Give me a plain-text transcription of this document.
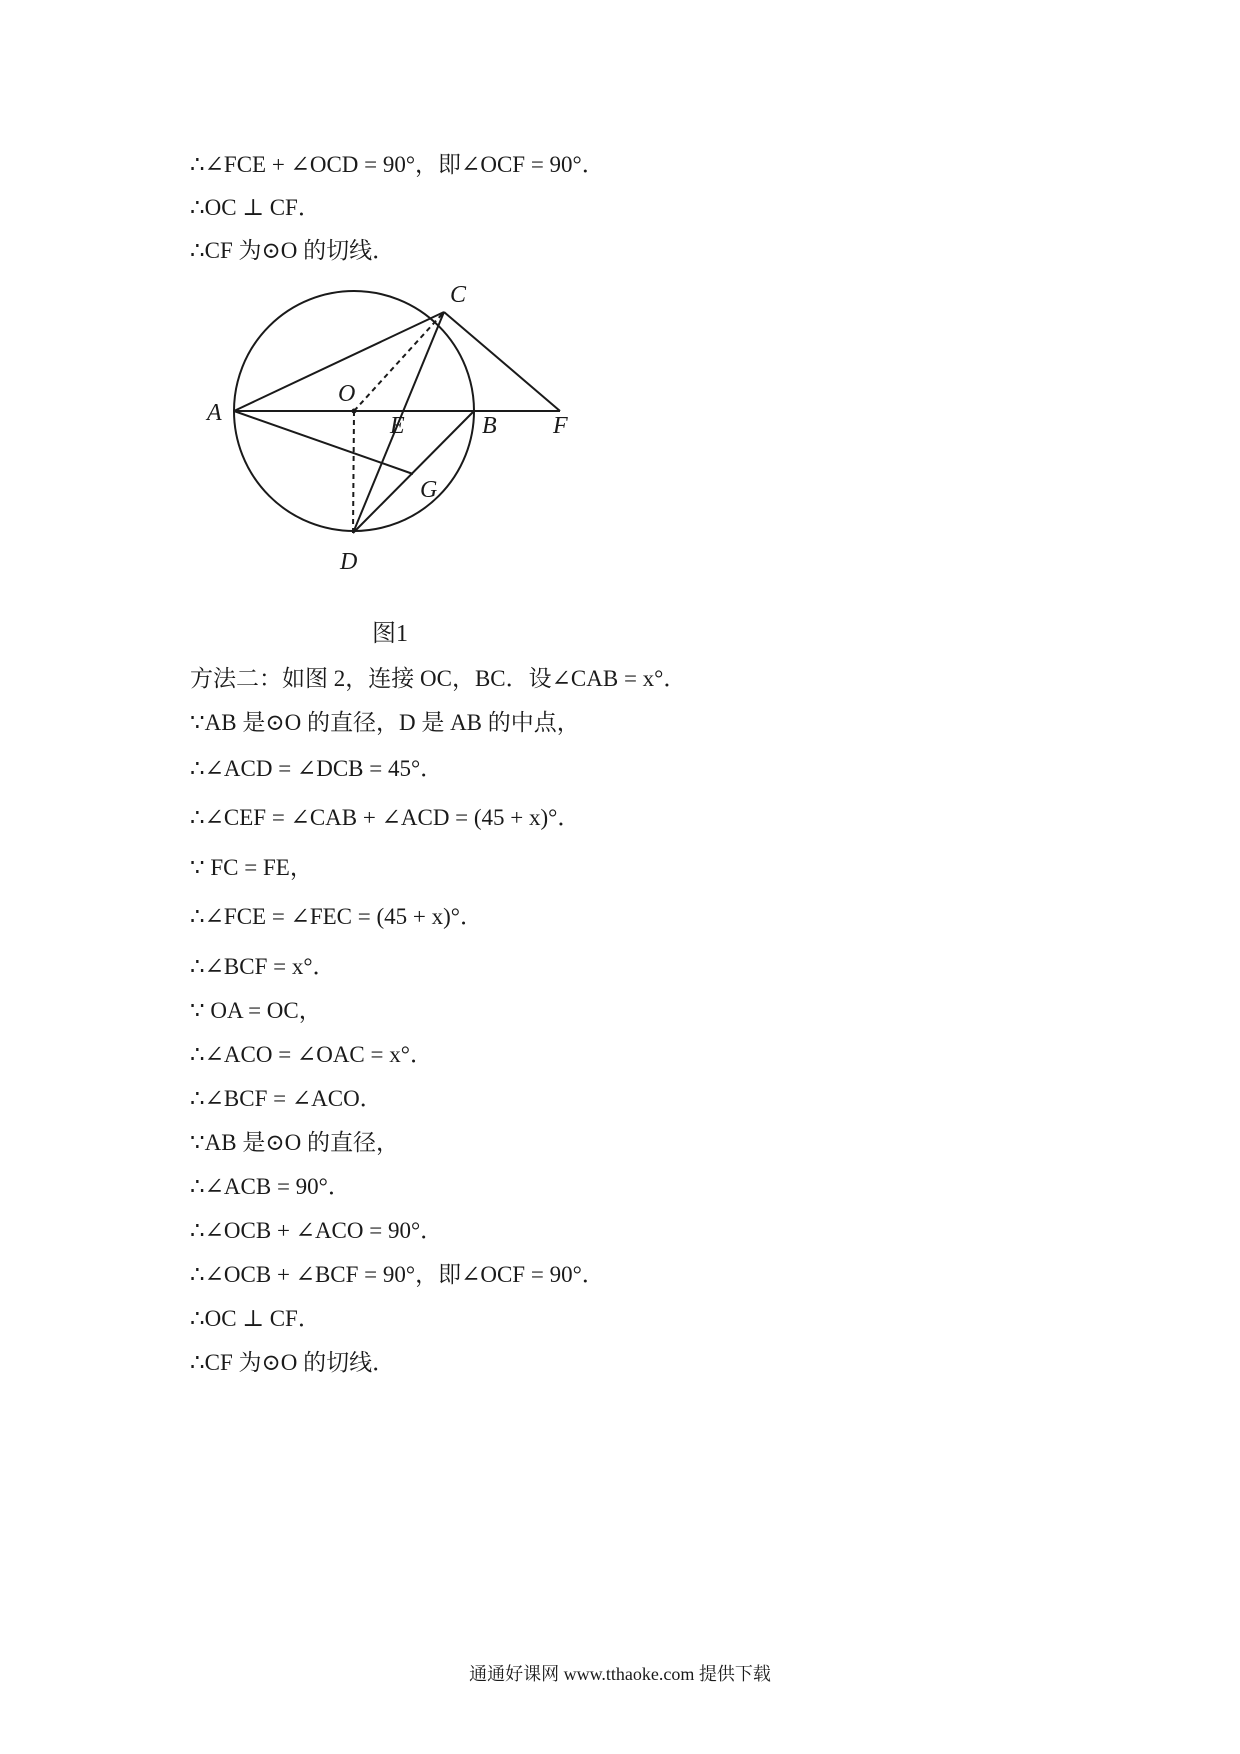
∴∠FCE + ∠OCD = 90°，即∠OCF = 90°．
∴OC ⊥ CF．
∴CF 为⊙O 的切线．
C
O
A	E	B F
G
D
图1
方法二：如图 2，连接 OC，BC．设∠CAB = x°．
∵AB 是⊙O 的直径，D 是 AB 的中点，
∴∠ACD = ∠DCB = 45°．
∴∠CEF = ∠CAB + ∠ACD = (45 + x)°．
∵ FC = FE，
∴∠FCE = ∠FEC = (45 + x)°．
∴∠BCF = x°．
∵ OA = OC，
∴∠ACO = ∠OAC = x°．
∴∠BCF = ∠ACO．
∵AB 是⊙O 的直径，
∴∠ACB = 90°．
∴∠OCB + ∠ACO = 90°．
∴∠OCB + ∠BCF = 90°，即∠OCF = 90°．
∴OC ⊥ CF．
∴CF 为⊙O 的切线．
通通好课网 www.tthaoke.com 提供下载
